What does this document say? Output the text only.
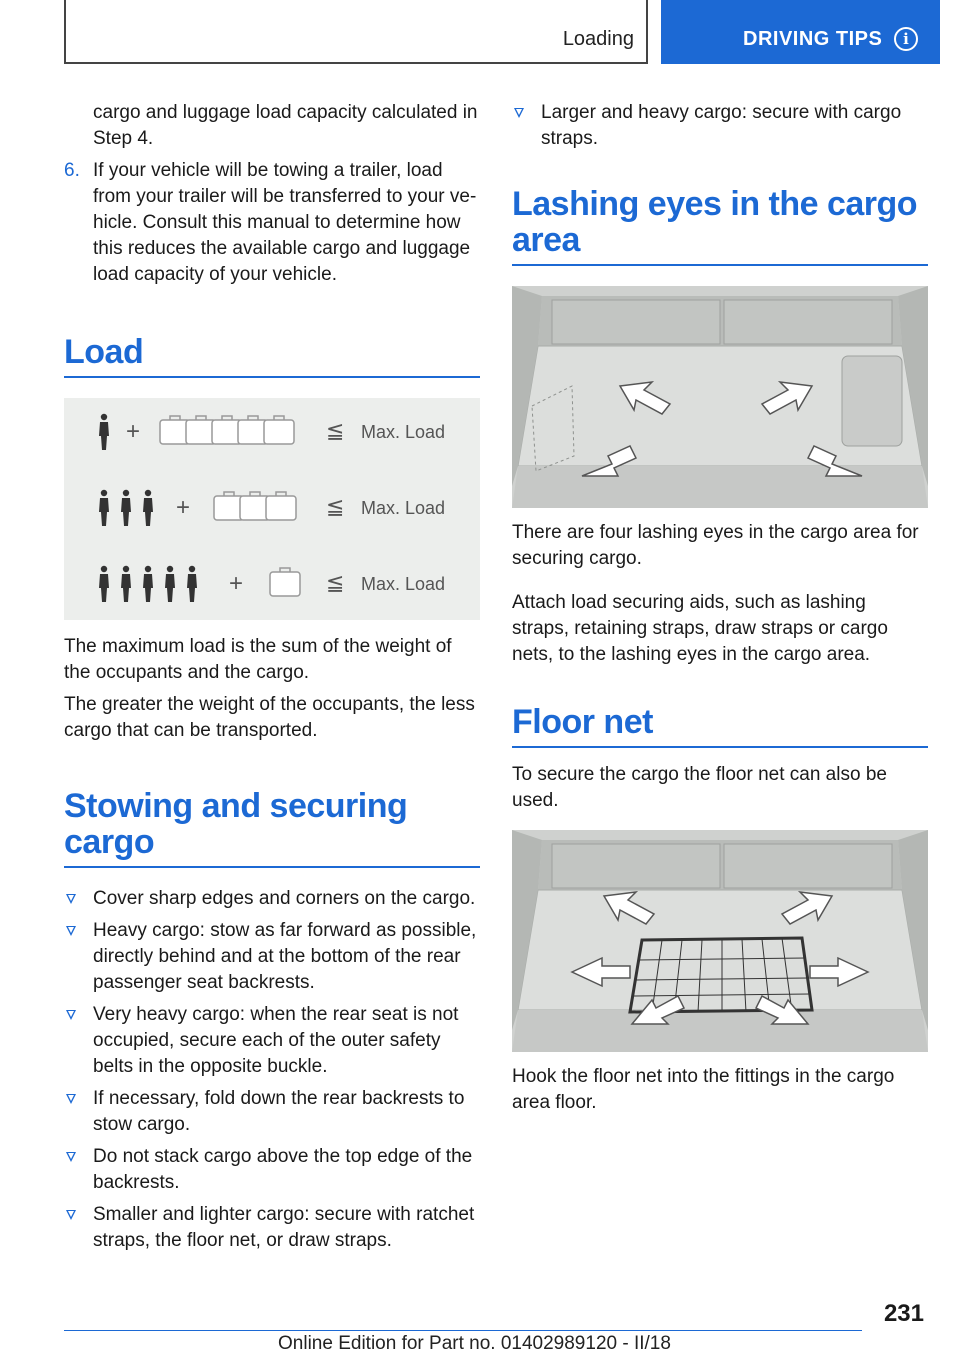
Loading	DRIVING TIPS	i

cargo and luggage load capacity calculated in Step 4.

6. If your vehicle will be towing a trailer, load from your trailer will be transferred to your vehicle. Consult this manual to determine how this reduces the available cargo and luggage load capacity of your vehicle.

Load
+	≦ Max. Load
+	≦ Max. Load
+	≦ Max. Load

The maximum load is the sum of the weight of the occupants and the cargo.

The greater the weight of the occupants, the less cargo that can be transported.

Stowing and securing cargo
Cover sharp edges and corners on the cargo.
Heavy cargo: stow as far forward as possible, directly behind and at the bottom of the rear passenger seat backrests.
Very heavy cargo: when the rear seat is not occupied, secure each of the outer safety belts in the opposite buckle.
If necessary, fold down the rear backrests to stow cargo.
Do not stack cargo above the top edge of the backrests.
Smaller and lighter cargo: secure with ratchet straps, the floor net, or draw straps.
Larger and heavy cargo: secure with cargo straps.
Lashing eyes in the cargo area

There are four lashing eyes in the cargo area for securing cargo.

Attach load securing aids, such as lashing straps, retaining straps, draw straps or cargo nets, to the lashing eyes in the cargo area.

Floor net

To secure the cargo the floor net can also be used.

Hook the floor net into the fittings in the cargo area floor.

231
Online Edition for Part no. 01402989120 - II/18
